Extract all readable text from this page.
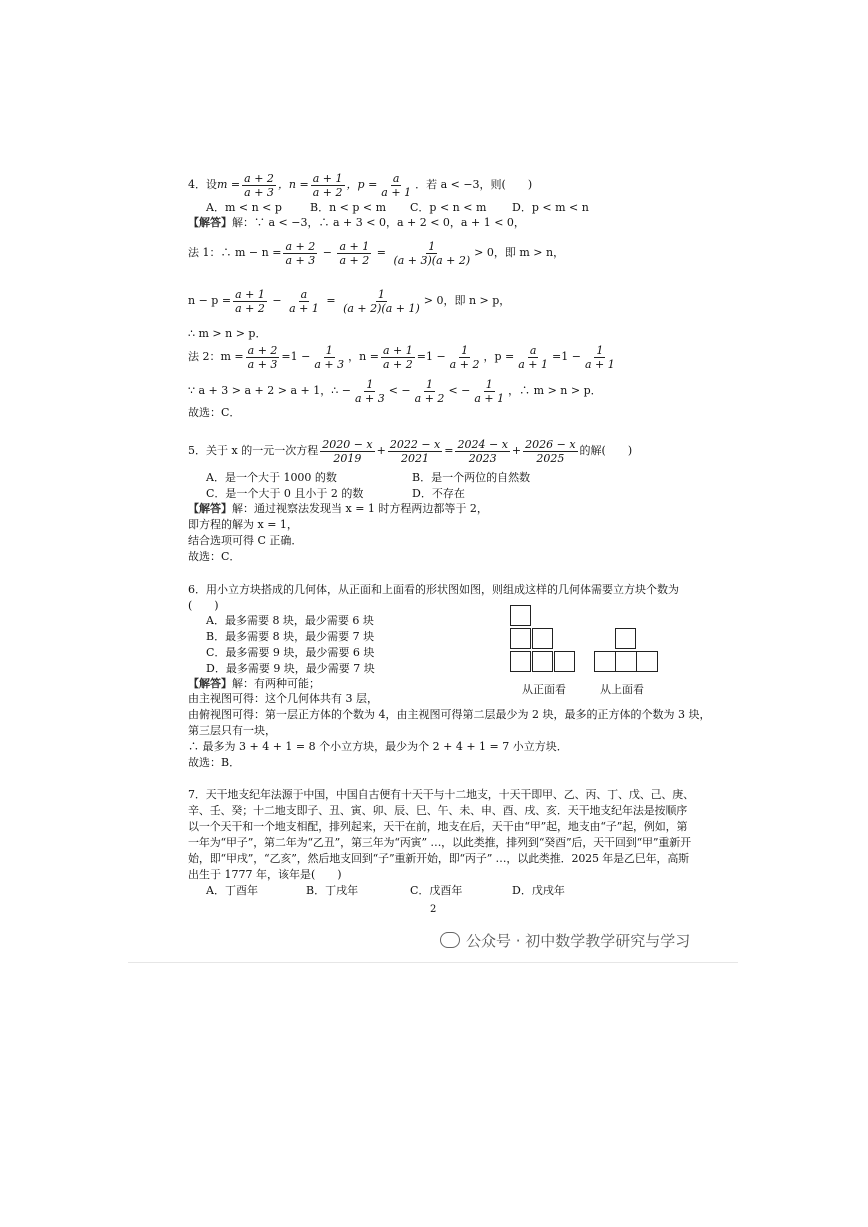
4．设$m = \frac{a + 2}{a + 3}$ ，$n = \frac{a + 1}{a + 2}$ ，$p = \frac{a}{a + 1}$ ．若 a < −3，则(　　)
A．m < n < p	B．n < p < m C．p < n < m D．p < m < n
【解答】解：∵ a < −3，∴ a + 3 < 0，a + 2 < 0，a + 1 < 0，
法 1：∴ $m - n = \frac{a + 2}{a + 3} - \frac{a + 1}{a + 2} = \frac{1}{(a + 3)(a + 2)} > 0$，即 m > n，
$n - p = \frac{a + 1}{a + 2} - \frac{a}{a + 1} = \frac{1}{(a + 2)(a + 1)} > 0$，即 n > p，
∴ m > n > p．
法 2：$m = \frac{a + 2}{a + 3} =1 - \frac{1}{a + 3}$ ，$n = \frac{a + 1}{a + 2} =1 - \frac{1}{a + 2}$ ，$p = \frac{a}{a + 1} =1 - \frac{1}{a + 1}$
∵ a + 3 > a + 2 > a + 1，∴ − $\frac{1}{a + 3}$ < − $\frac{1}{a + 2}$ < − $\frac{1}{a + 1}$ ，∴ m > n > p．
故选：C．
5．关于 x 的一元一次方程 $\frac{2020 - x}{2019} + \frac{2022 - x}{2021} = \frac{2024 - x}{2023} + \frac{2026 - x}{2025}$ 的解(　　)
A．是一个大于 1000 的数	B．是一个两位的自然数
C．是一个大于 0 且小于 2 的数	D．不存在
【解答】解：通过视察法发现当 x = 1 时方程两边都等于 2，
即方程的解为 x = 1，
结合选项可得 C 正确．
故选：C．
6．用小立方块搭成的几何体，从正面和上面看的形状图如图，则组成这样的几何体需要立方块个数为
(　　)
A．最多需要 8 块，最少需要 6 块
B．最多需要 8 块，最少需要 7 块
C．最多需要 9 块，最少需要 6 块
D．最多需要 9 块，最少需要 7 块
从正面看	从上面看
【解答】解：有两种可能；
由主视图可得：这个几何体共有 3 层，
由俯视图可得：第一层正方体的个数为 4，由主视图可得第二层最少为 2 块，最多的正方体的个数为 3 块，
第三层只有一块，
∴ 最多为 3 + 4 + 1 = 8 个小立方块，最少为个 2 + 4 + 1 = 7 小立方块．
故选：B．
7．天干地支纪年法源于中国，中国自古便有十天干与十二地支，十天干即甲、乙、丙、丁、戊、己、庚、
辛、壬、癸；十二地支即子、丑、寅、卯、辰、巳、午、未、申、酉、戌、亥．天干地支纪年法是按顺序
以一个天干和一个地支相配，排列起来，天干在前，地支在后，天干由“甲”起，地支由“子”起，例如，第
一年为“甲子”，第二年为“乙丑”，第三年为“丙寅” …，以此类推，排列到“癸酉”后，天干回到“甲”重新开
始，即“甲戌”，“乙亥”，然后地支回到“子”重新开始，即“丙子” …，以此类推．2025 年是乙巳年，高斯
出生于 1777 年，该年是(　　)
A．丁酉年	B．丁戌年	C．戊酉年	D．戊戌年
2
公众号 · 初中数学教学研究与学习
